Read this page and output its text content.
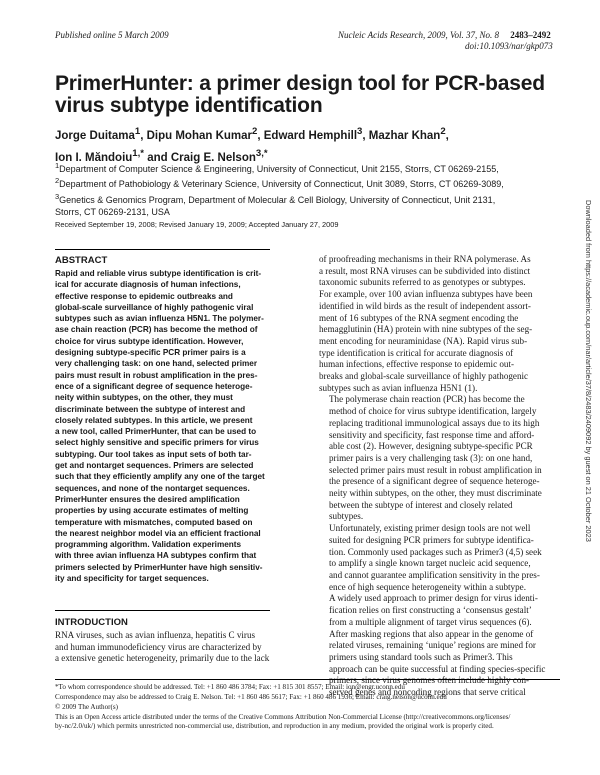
Published online 5 March 2009	Nucleic Acids Research, 2009, Vol. 37, No. 8 2483–2492
doi:10.1093/nar/gkp073
PrimerHunter: a primer design tool for PCR-based
virus subtype identification
Jorge Duitama$^1$, Dipu Mohan Kumar$^2$, Edward Hemphill$^3$, Mazhar Khan$^2$,
Ion I. Măndoiu$^{1,*}$ and Craig E. Nelson$^{3,*}$
$^1$Department of Computer Science & Engineering, University of Connecticut, Unit 2155, Storrs, CT 06269-2155,
$^2$Department of Pathobiology & Veterinary Science, University of Connecticut, Unit 3089, Storrs, CT 06269-3089,
$^3$Genetics & Genomics Program, Department of Molecular & Cell Biology, University of Connecticut, Unit 2131,
Storrs, CT 06269-2131, USA
Received September 19, 2008; Revised January 19, 2009; Accepted January 27, 2009
ABSTRACT
Rapid and reliable virus subtype identification is crit-
ical for accurate diagnosis of human infections,
effective response to epidemic outbreaks and
global-scale surveillance of highly pathogenic viral
subtypes such as avian influenza H5N1. The polymer-
ase chain reaction (PCR) has become the method of
choice for virus subtype identification. However,
designing subtype-specific PCR primer pairs is a
very challenging task: on one hand, selected primer
pairs must result in robust amplification in the pres-
ence of a significant degree of sequence heteroge-
neity within subtypes, on the other, they must
discriminate between the subtype of interest and
closely related subtypes. In this article, we present
a new tool, called PrimerHunter, that can be used to
select highly sensitive and specific primers for virus
subtyping. Our tool takes as input sets of both tar-
get and nontarget sequences. Primers are selected
such that they efficiently amplify any one of the target
sequences, and none of the nontarget sequences.
PrimerHunter ensures the desired amplification
properties by using accurate estimates of melting
temperature with mismatches, computed based on
the nearest neighbor model via an efficient fractional
programming algorithm. Validation experiments
with three avian influenza HA subtypes confirm that
primers selected by PrimerHunter have high sensitiv-
ity and specificity for target sequences.
INTRODUCTION
RNA viruses, such as avian influenza, hepatitis C virus
and human immunodeficiency virus are characterized by
a extensive genetic heterogeneity, primarily due to the lack

of proofreading mechanisms in their RNA polymerase. As
a result, most RNA viruses can be subdivided into distinct
taxonomic subunits referred to as genotypes or subtypes.
For example, over 100 avian influenza subtypes have been
identified in wild birds as the result of independent assort-
ment of 16 subtypes of the RNA segment encoding the
hemagglutinin (HA) protein with nine subtypes of the seg-
ment encoding for neuraminidase (NA). Rapid virus sub-
type identification is critical for accurate diagnosis of
human infections, effective response to epidemic out-
breaks and global-scale surveillance of highly pathogenic
subtypes such as avian influenza H5N1 (1).

The polymerase chain reaction (PCR) has become the
method of choice for virus subtype identification, largely
replacing traditional immunological assays due to its high
sensitivity and specificity, fast response time and afford-
able cost (2). However, designing subtype-specific PCR
primer pairs is a very challenging task (3): on one hand,
selected primer pairs must result in robust amplification in
the presence of a significant degree of sequence heteroge-
neity within subtypes, on the other, they must discriminate
between the subtype of interest and closely related
subtypes.

Unfortunately, existing primer design tools are not well
suited for designing PCR primers for subtype identifica-
tion. Commonly used packages such as Primer3 (4,5) seek
to amplify a single known target nucleic acid sequence,
and cannot guarantee amplification sensitivity in the pres-
ence of high sequence heterogeneity within a subtype.
A widely used approach to primer design for virus identi-
fication relies on first constructing a ‘consensus gestalt’
from a multiple alignment of target virus sequences (6).
After masking regions that also appear in the genome of
related viruses, remaining ‘unique’ regions are mined for
primers using standard tools such as Primer3. This
approach can be quite successful at finding species-specific
primers, since virus genomes often include highly con-
served genes and noncoding regions that serve critical

*To whom correspondence should be addressed. Tel: +1 860 486 3784; Fax: +1 815 301 8557; Email: ion@engr.uconn.edu
Correspondence may also be addressed to Craig E. Nelson. Tel: +1 860 486 5617; Fax: +1 860 486 1936; Email: craig.nelson@uconn.edu
© 2009 The Author(s)
This is an Open Access article distributed under the terms of the Creative Commons Attribution Non-Commercial License (http://creativecommons.org/licenses/
by-nc/2.0/uk/) which permits unrestricted non-commercial use, distribution, and reproduction in any medium, provided the original work is properly cited.
Downloaded from https://academic.oup.com/nar/article/37/8/2483/2409092 by guest on 21 October 2023
